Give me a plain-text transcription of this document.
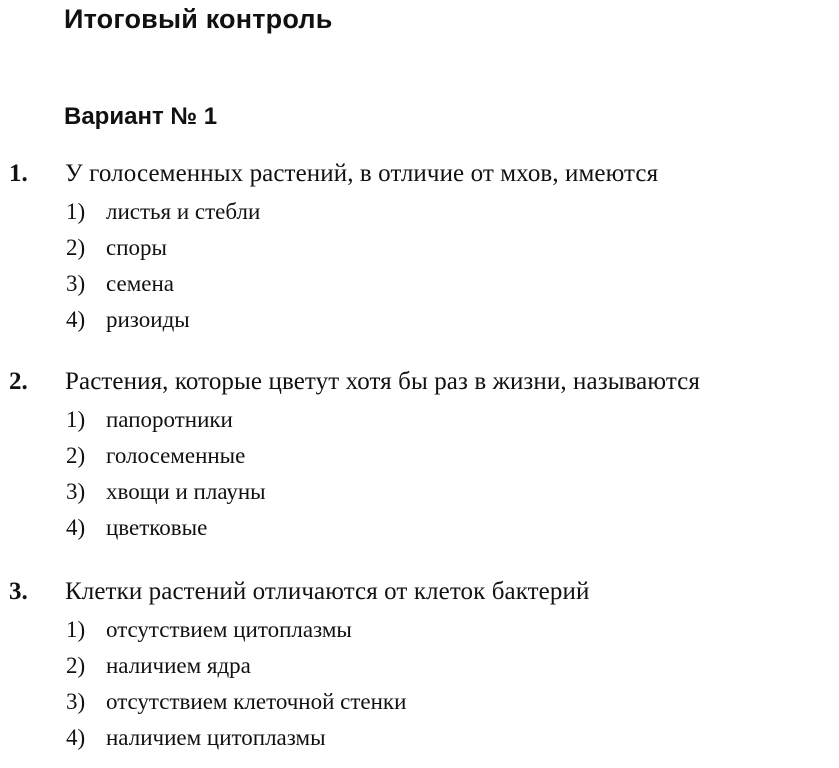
Итоговый контроль
Вариант № 1
1. У голосеменных растений, в отличие от мхов, имеются
1) листья и стебли
2) споры
3) семена
4) ризоиды
2. Растения, которые цветут хотя бы раз в жизни, называются
1) папоротники
2) голосеменные
3) хвощи и плауны
4) цветковые
3. Клетки растений отличаются от клеток бактерий
1) отсутствием цитоплазмы
2) наличием ядра
3) отсутствием клеточной стенки
4) наличием цитоплазмы
